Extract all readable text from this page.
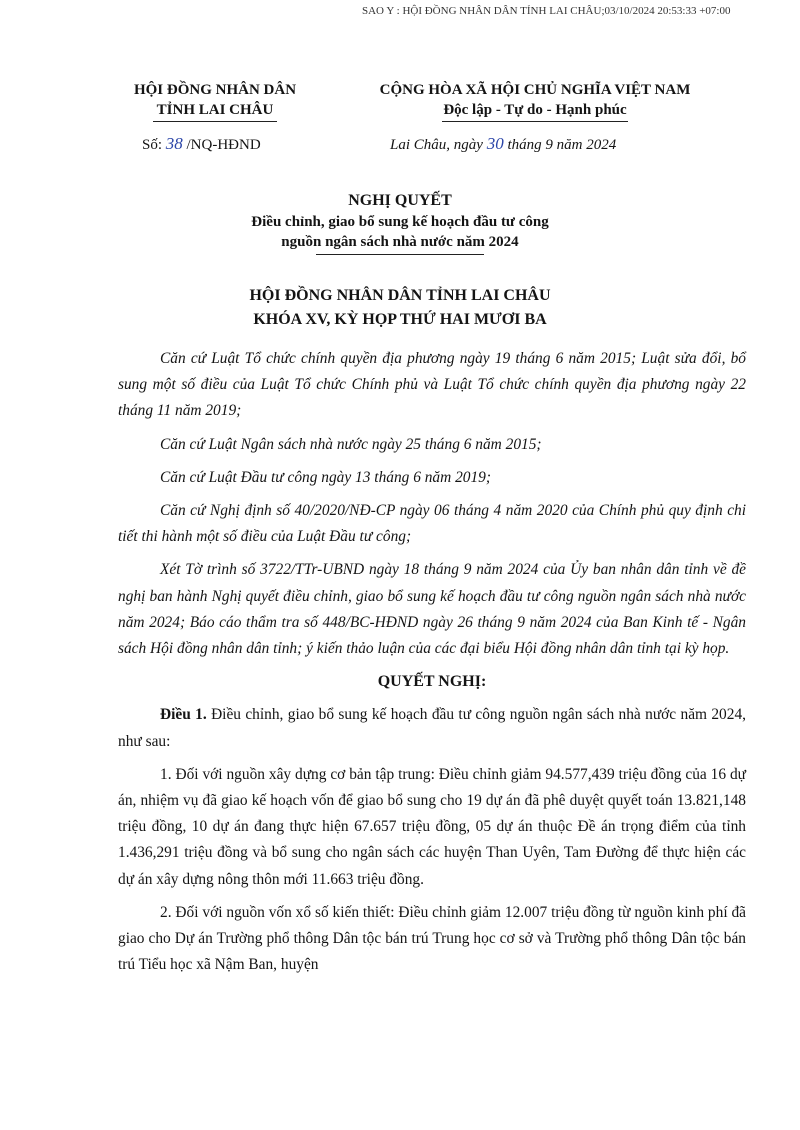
SAO Y : HỘI ĐỒNG NHÂN DÂN TỈNH LAI CHÂU;03/10/2024 20:53:33 +07:00
HỘI ĐỒNG NHÂN DÂN
TỈNH LAI CHÂU
CỘNG HÒA XÃ HỘI CHỦ NGHĨA VIỆT NAM
Độc lập - Tự do - Hạnh phúc
Số: 38 /NQ-HĐND	Lai Châu, ngày 30 tháng 9 năm 2024
NGHỊ QUYẾT
Điều chỉnh, giao bổ sung kế hoạch đầu tư công
nguồn ngân sách nhà nước năm 2024
HỘI ĐỒNG NHÂN DÂN TỈNH LAI CHÂU
KHÓA XV, KỲ HỌP THỨ HAI MƯƠI BA

Căn cứ Luật Tổ chức chính quyền địa phương ngày 19 tháng 6 năm 2015; Luật sửa đổi, bổ sung một số điều của Luật Tổ chức Chính phủ và Luật Tổ chức chính quyền địa phương ngày 22 tháng 11 năm 2019;

Căn cứ Luật Ngân sách nhà nước ngày 25 tháng 6 năm 2015;

Căn cứ Luật Đầu tư công ngày 13 tháng 6 năm 2019;

Căn cứ Nghị định số 40/2020/NĐ-CP ngày 06 tháng 4 năm 2020 của Chính phủ quy định chi tiết thi hành một số điều của Luật Đầu tư công;

Xét Tờ trình số 3722/TTr-UBND ngày 18 tháng 9 năm 2024 của Ủy ban nhân dân tỉnh về đề nghị ban hành Nghị quyết điều chỉnh, giao bổ sung kế hoạch đầu tư công nguồn ngân sách nhà nước năm 2024; Báo cáo thẩm tra số 448/BC-HĐND ngày 26 tháng 9 năm 2024 của Ban Kinh tế - Ngân sách Hội đồng nhân dân tỉnh; ý kiến thảo luận của các đại biểu Hội đồng nhân dân tỉnh tại kỳ họp.

QUYẾT NGHỊ:

Điều 1. Điều chỉnh, giao bổ sung kế hoạch đầu tư công nguồn ngân sách nhà nước năm 2024, như sau:

1. Đối với nguồn xây dựng cơ bản tập trung: Điều chỉnh giảm 94.577,439 triệu đồng của 16 dự án, nhiệm vụ đã giao kế hoạch vốn để giao bổ sung cho 19 dự án đã phê duyệt quyết toán 13.821,148 triệu đồng, 10 dự án đang thực hiện 67.657 triệu đồng, 05 dự án thuộc Đề án trọng điểm của tỉnh 1.436,291 triệu đồng và bổ sung cho ngân sách các huyện Than Uyên, Tam Đường để thực hiện các dự án xây dựng nông thôn mới 11.663 triệu đồng.

2. Đối với nguồn vốn xổ số kiến thiết: Điều chỉnh giảm 12.007 triệu đồng từ nguồn kinh phí đã giao cho Dự án Trường phổ thông Dân tộc bán trú Trung học cơ sở và Trường phổ thông Dân tộc bán trú Tiểu học xã Nậm Ban, huyện
